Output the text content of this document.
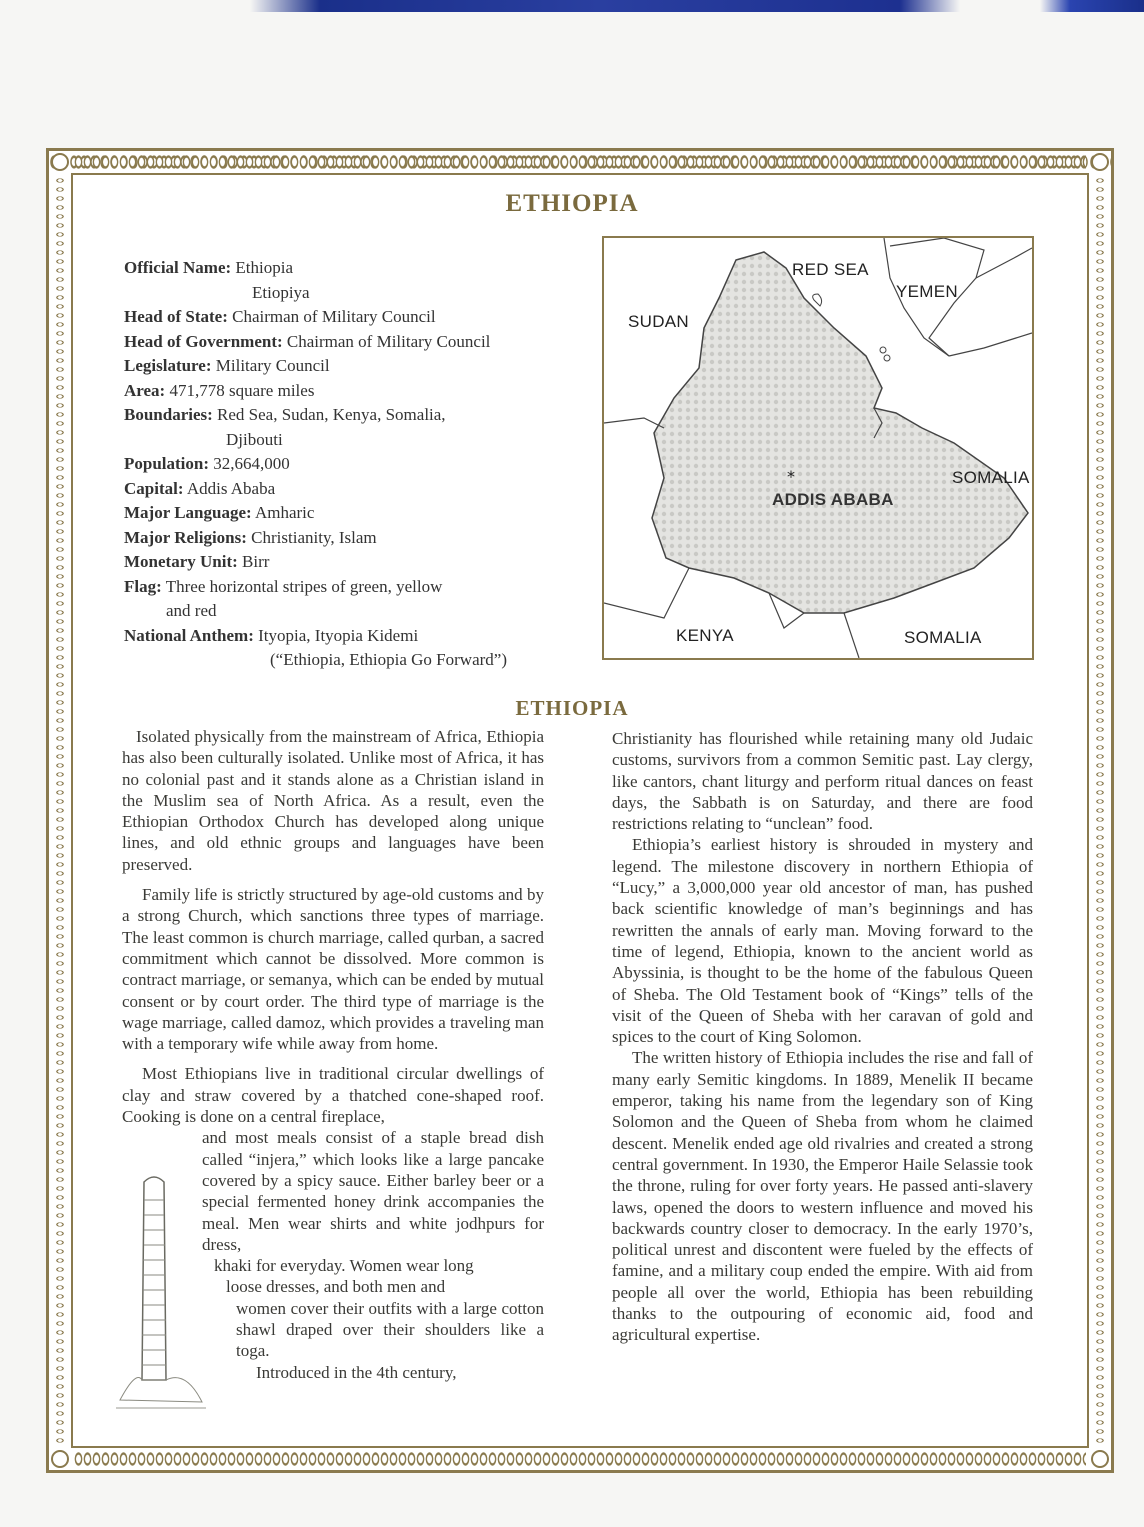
ETHIOPIA
Official Name: Ethiopia
Etiopiya
Head of State: Chairman of Military Council
Head of Government: Chairman of Military Council
Legislature: Military Council
Area: 471,778 square miles
Boundaries: Red Sea, Sudan, Kenya, Somalia,
Djibouti
Population: 32,664,000
Capital: Addis Ababa
Major Language: Amharic
Major Religions: Christianity, Islam
Monetary Unit: Birr
Flag: Three horizontal stripes of green, yellow
and red
National Anthem: Ityopia, Ityopia Kidemi
(“Ethiopia, Ethiopia Go Forward”)
*
RED SEA
YEMEN
SUDAN
SOMALIA
ADDIS ABABA
KENYA	SOMALIA
ETHIOPIA

Isolated physically from the mainstream of Africa, Ethiopia has also been culturally isolated. Unlike most of Africa, it has no colonial past and it stands alone as a Christian island in the Muslim sea of North Africa. As a result, even the Ethiopian Orthodox Church has developed along unique lines, and old ethnic groups and languages have been preserved.

Family life is strictly structured by age-old customs and by a strong Church, which sanctions three types of marriage. The least common is church marriage, called qurban, a sacred commitment which cannot be dissolved. More common is contract marriage, or semanya, which can be ended by mutual consent or by court order. The third type of marriage is the wage marriage, called damoz, which provides a traveling man with a temporary wife while away from home.

Most Ethiopians live in traditional circular dwellings of clay and straw covered by a thatched cone-shaped roof. Cooking is done on a central fireplace,

and most meals consist of a staple bread dish called “injera,” which looks like a large pancake covered by a spicy sauce. Either barley beer or a special fermented honey drink accompanies the meal. Men wear shirts and white jodhpurs for dress,

khaki for everyday. Women wear long

loose dresses, and both men and

women cover their outfits with a large cotton shawl draped over their shoulders like a toga.

Introduced in the 4th century,

Christianity has flourished while retaining many old Judaic customs, survivors from a common Semitic past. Lay clergy, like cantors, chant liturgy and perform ritual dances on feast days, the Sabbath is on Saturday, and there are food restrictions relating to “unclean” food.

Ethiopia’s earliest history is shrouded in mystery and legend. The milestone discovery in northern Ethiopia of “Lucy,” a 3,000,000 year old ancestor of man, has pushed back scientific knowledge of man’s beginnings and has rewritten the annals of early man. Moving forward to the time of legend, Ethiopia, known to the ancient world as Abyssinia, is thought to be the home of the fabulous Queen of Sheba. The Old Testament book of “Kings” tells of the visit of the Queen of Sheba with her caravan of gold and spices to the court of King Solomon.

The written history of Ethiopia includes the rise and fall of many early Semitic kingdoms. In 1889, Menelik II became emperor, taking his name from the legendary son of King Solomon and the Queen of Sheba from whom he claimed descent. Menelik ended age old rivalries and created a strong central government. In 1930, the Emperor Haile Selassie took the throne, ruling for over forty years. He passed anti-slavery laws, opened the doors to western influence and moved his backwards country closer to democracy. In the early 1970’s, political unrest and discontent were fueled by the effects of famine, and a military coup ended the empire. With aid from people all over the world, Ethiopia has been rebuilding thanks to the outpouring of economic aid, food and agricultural expertise.
